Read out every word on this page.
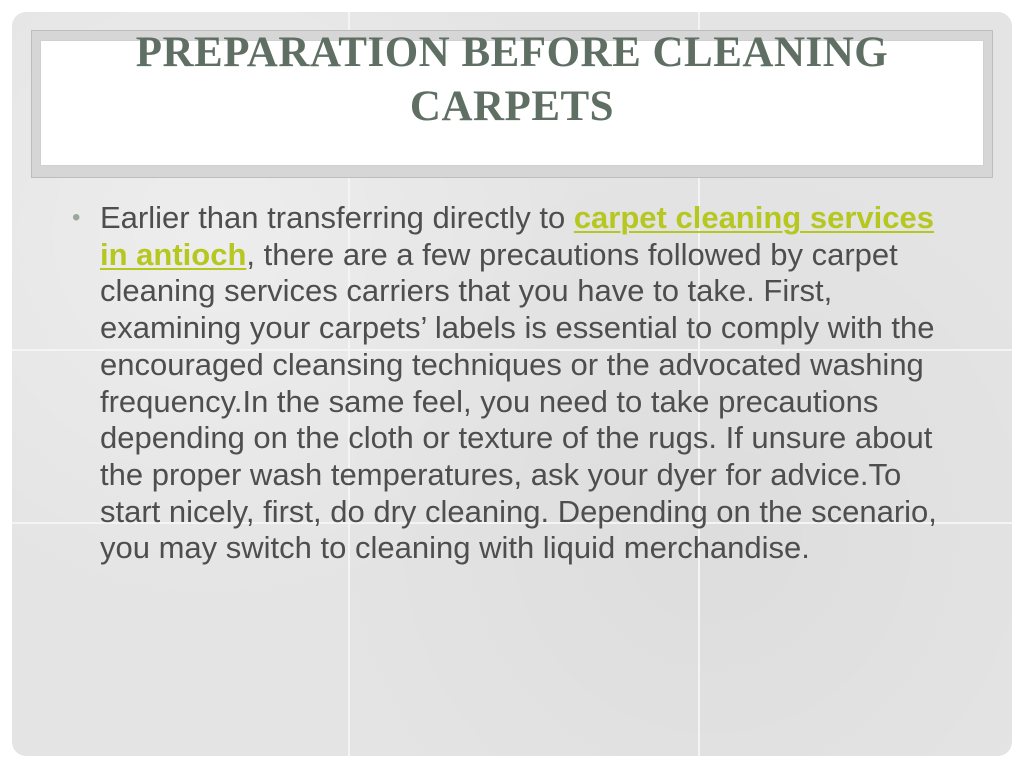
PREPARATION BEFORE CLEANING CARPETS
• Earlier than transferring directly to carpet cleaning services in antioch, there are a few precautions followed by carpet cleaning services carriers that you have to take. First, examining your carpets’ labels is essential to comply with the encouraged cleansing techniques or the advocated washing frequency.In the same feel, you need to take precautions depending on the cloth or texture of the rugs. If unsure about the proper wash temperatures, ask your dyer for advice.To start nicely, first, do dry cleaning. Depending on the scenario, you may switch to cleaning with liquid merchandise.
